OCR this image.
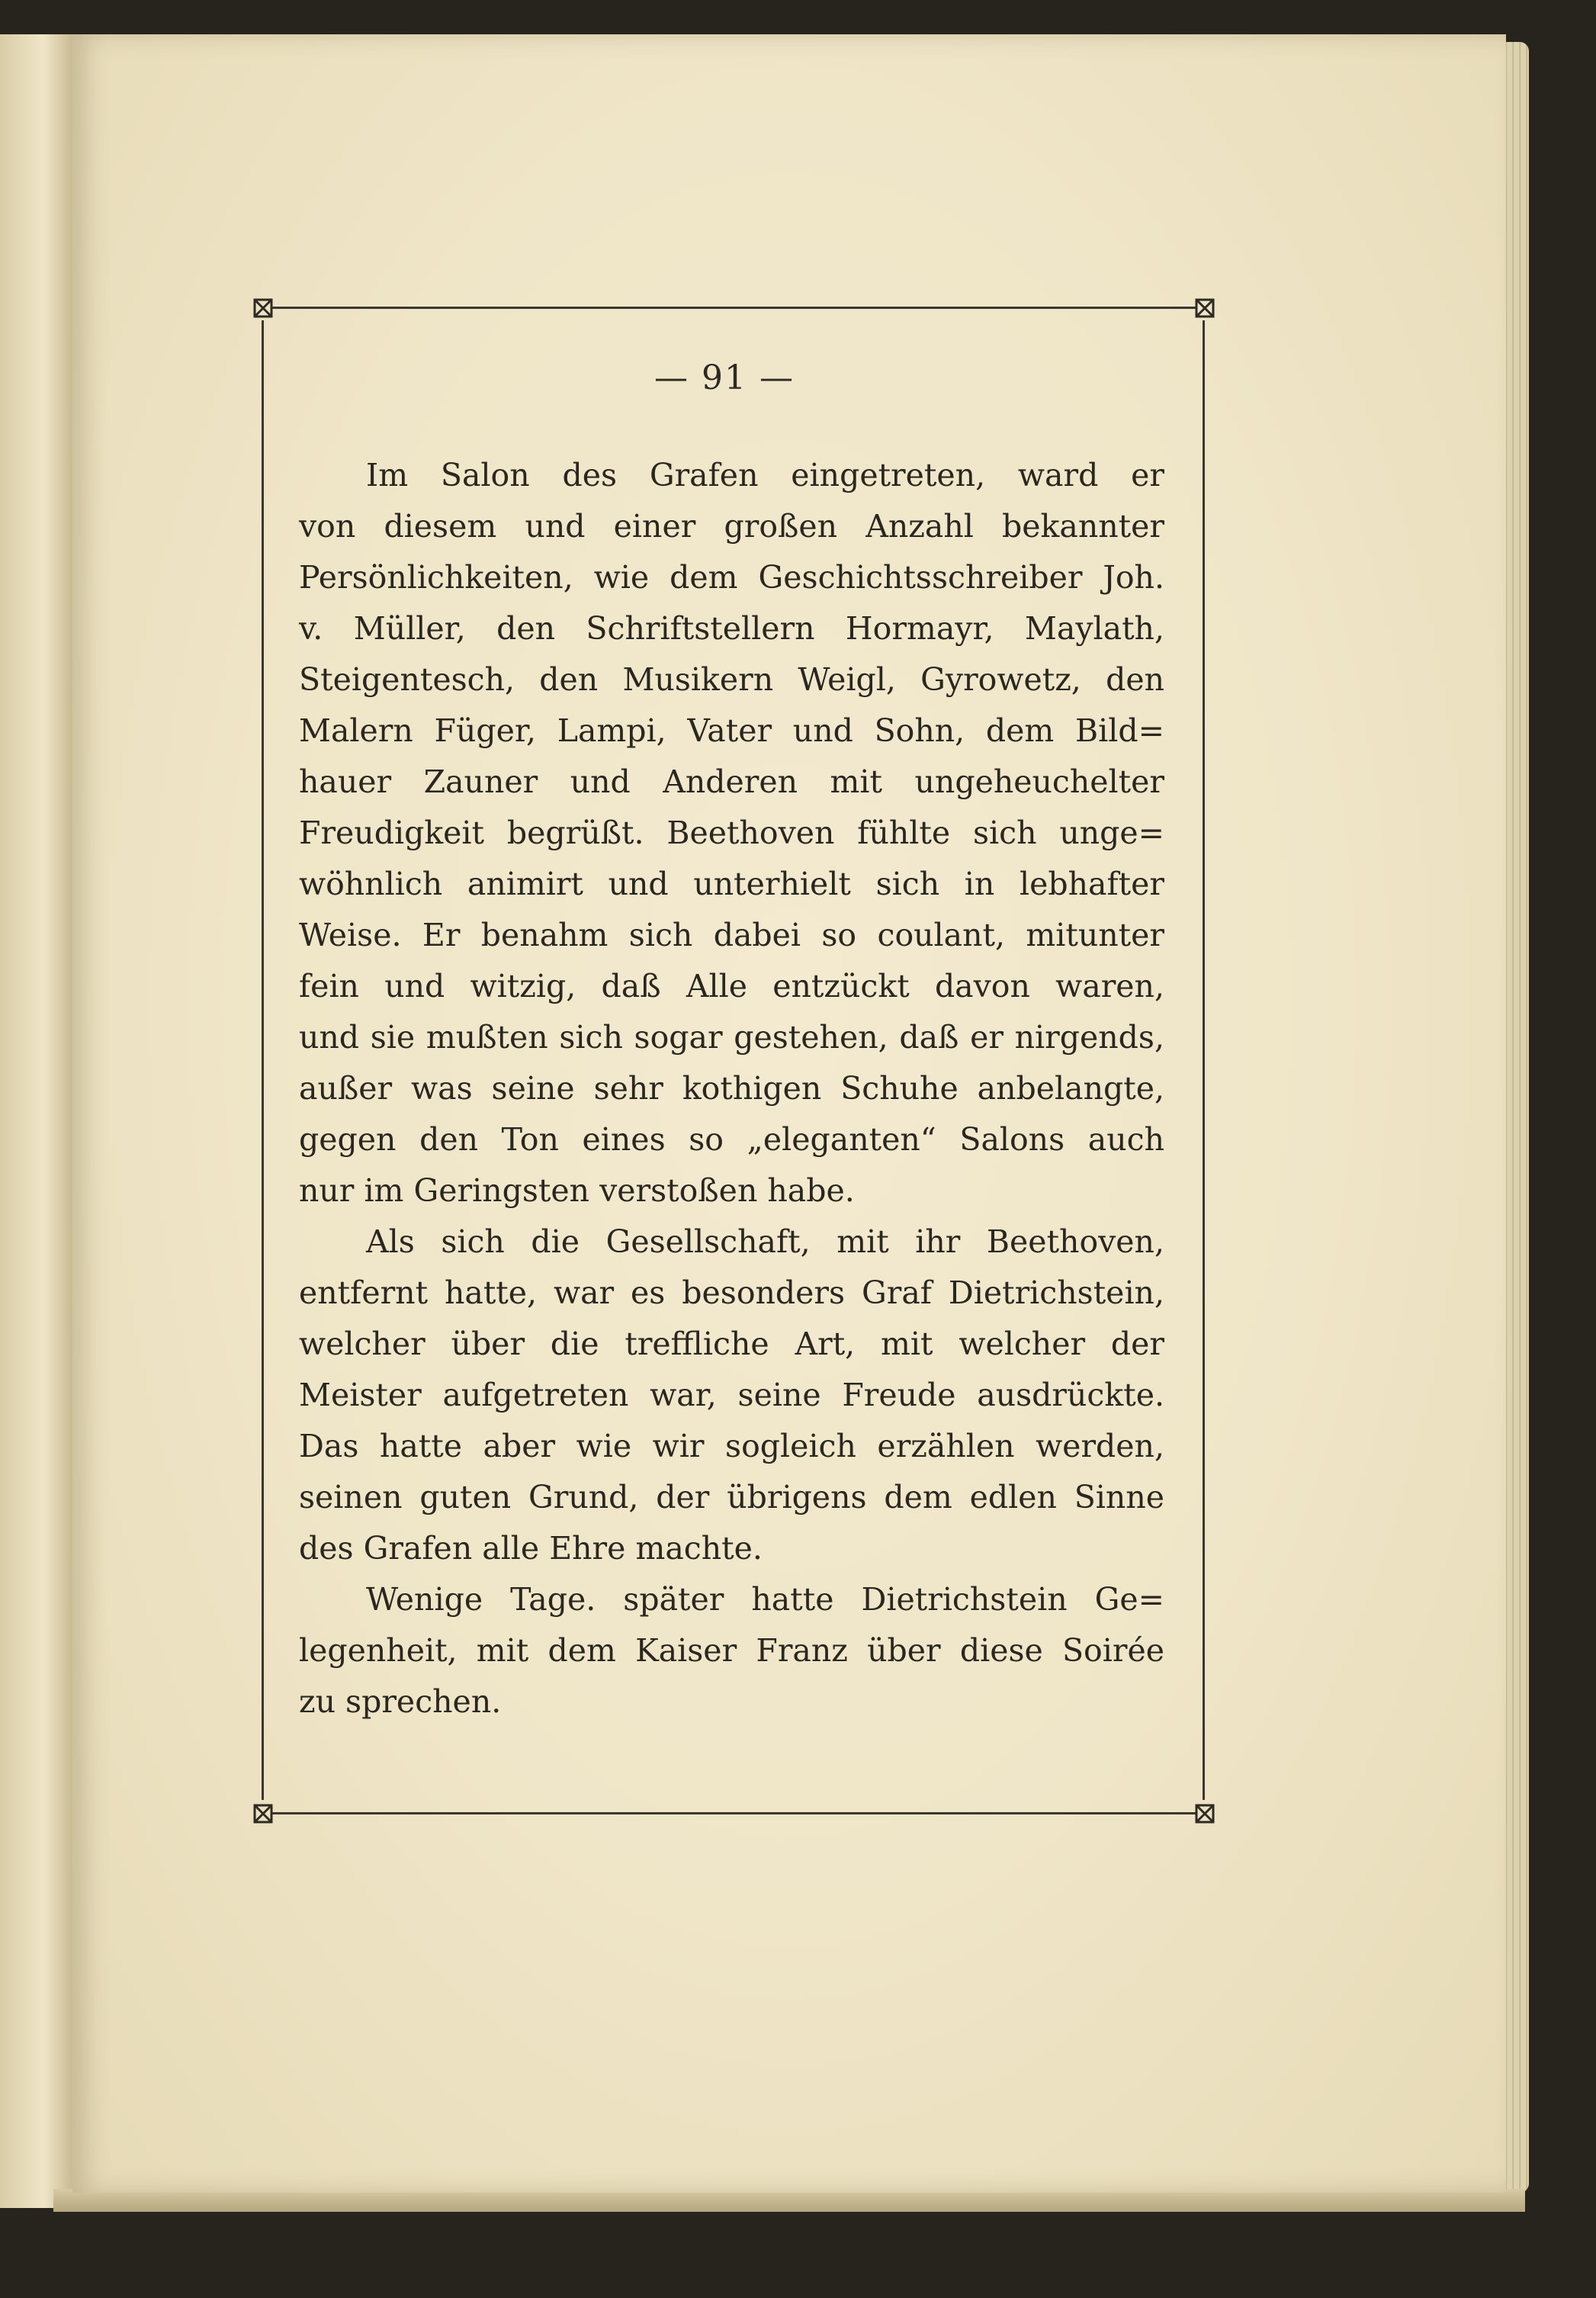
— 91 —
Im Salon des Grafen eingetreten, ward er
von diesem und einer großen Anzahl bekannter
Persönlichkeiten, wie dem Geschichtsschreiber Joh.
v. Müller, den Schriftstellern Hormayr, Maylath,
Steigentesch, den Musikern Weigl, Gyrowetz, den
Malern Füger, Lampi, Vater und Sohn, dem Bild=
hauer Zauner und Anderen mit ungeheuchelter
Freudigkeit begrüßt. Beethoven fühlte sich unge=
wöhnlich animirt und unterhielt sich in lebhafter
Weise. Er benahm sich dabei so coulant, mitunter
fein und witzig, daß Alle entzückt davon waren,
und sie mußten sich sogar gestehen, daß er nirgends,
außer was seine sehr kothigen Schuhe anbelangte,
gegen den Ton eines so „eleganten“ Salons auch
nur im Geringsten verstoßen habe.
Als sich die Gesellschaft, mit ihr Beethoven,
entfernt hatte, war es besonders Graf Dietrichstein,
welcher über die treffliche Art, mit welcher der
Meister aufgetreten war, seine Freude ausdrückte.
Das hatte aber wie wir sogleich erzählen werden,
seinen guten Grund, der übrigens dem edlen Sinne
des Grafen alle Ehre machte.
Wenige Tage. später hatte Dietrichstein Ge=
legenheit, mit dem Kaiser Franz über diese Soirée
zu sprechen.
